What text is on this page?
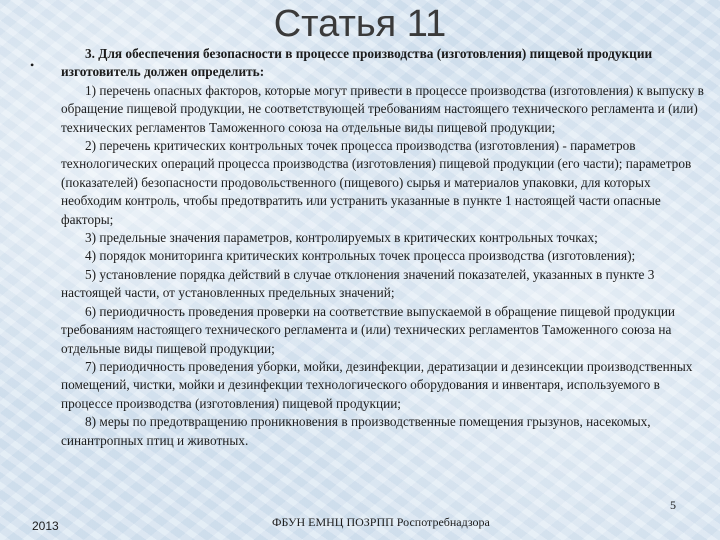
Статья 11
•

3. Для обеспечения безопасности в процессе производства (изготовления) пищевой продукции изготовитель должен определить:

1) перечень опасных факторов, которые могут привести в процессе производства (изготовления) к выпуску в обращение пищевой продукции, не соответствующей требованиям настоящего технического регламента и (или) технических регламентов Таможенного союза на отдельные виды пищевой продукции;

2) перечень критических контрольных точек процесса производства (изготовления) - параметров технологических операций процесса производства (изготовления) пищевой продукции (его части); параметров (показателей) безопасности продовольственного (пищевого) сырья и материалов упаковки, для которых необходим контроль, чтобы предотвратить или устранить указанные в пункте 1 настоящей части опасные факторы;

3) предельные значения параметров, контролируемых в критических контрольных точках;

4) порядок мониторинга критических контрольных точек процесса производства (изготовления);

5) установление порядка действий в случае отклонения значений показателей, указанных в пункте 3 настоящей части, от установленных предельных значений;

6) периодичность проведения проверки на соответствие выпускаемой в обращение пищевой продукции требованиям настоящего технического регламента и (или) технических регламентов Таможенного союза на отдельные виды пищевой продукции;

7) периодичность проведения уборки, мойки, дезинфекции, дератизации и дезинсекции производственных помещений, чистки, мойки и дезинфекции технологического оборудования и инвентаря, используемого в процессе производства (изготовления) пищевой продукции;

8) меры по предотвращению проникновения в производственные помещения грызунов, насекомых, синантропных птиц и животных.

5
2013	ФБУН ЕМНЦ ПОЗРПП Роспотребнадзора
